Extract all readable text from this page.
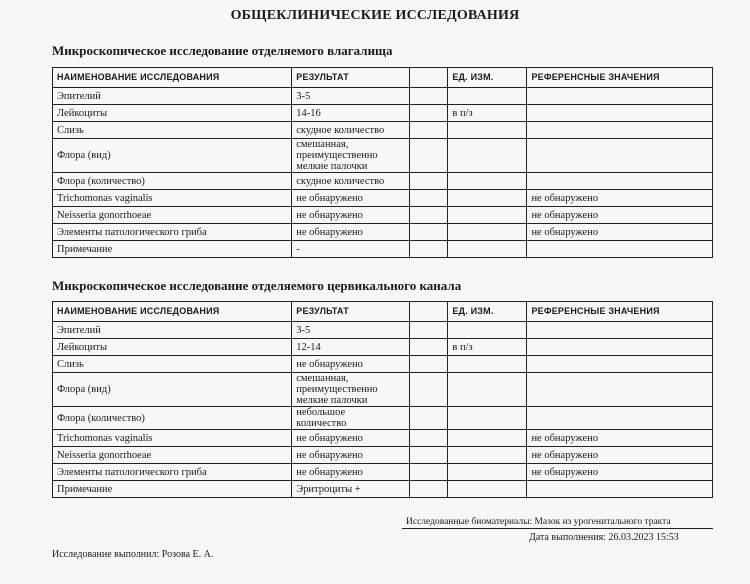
ОБЩЕКЛИНИЧЕСКИЕ ИССЛЕДОВАНИЯ
Микроскопическое исследование отделяемого влагалища
НАИМЕНОВАНИЕ ИССЛЕДОВАНИЯ	РЕЗУЛЬТАТ		ЕД. ИЗМ.	РЕФЕРЕНСНЫЕ ЗНАЧЕНИЯ
Эпителий	3-5			

Лейкоциты	14-16		в п/з	
Слизь	скудное количество			

Флора (вид)	смешанная,
преимущественно
мелкие палочки			

Флора (количество)	скудное количество			

Trichomonas vaginalis	не обнаружено			не обнаружено
Neisseria gonorrhoeae	не обнаружено			не обнаружено
Элементы патологического гриба	не обнаружено			не обнаружено
Примечание	-			

Микроскопическое исследование отделяемого цервикального канала
НАИМЕНОВАНИЕ ИССЛЕДОВАНИЯ	РЕЗУЛЬТАТ		ЕД. ИЗМ.	РЕФЕРЕНСНЫЕ ЗНАЧЕНИЯ
Эпителий	3-5			

Лейкоциты	12-14		в п/з	
Слизь	не обнаружено			

Флора (вид)	смешанная,
преимущественно
мелкие палочки			

Флора (количество)	небольшое
количество			

Trichomonas vaginalis	не обнаружено			не обнаружено
Neisseria gonorrhoeae	не обнаружено			не обнаружено
Элементы патологического гриба	не обнаружено			не обнаружено
Примечание	Эритроциты +			

Исследованные биоматериалы: Мазок из урогенитального тракта
Дата выполнения: 26.03.2023 15:53
Исследование выполнил: Розова Е. А.
